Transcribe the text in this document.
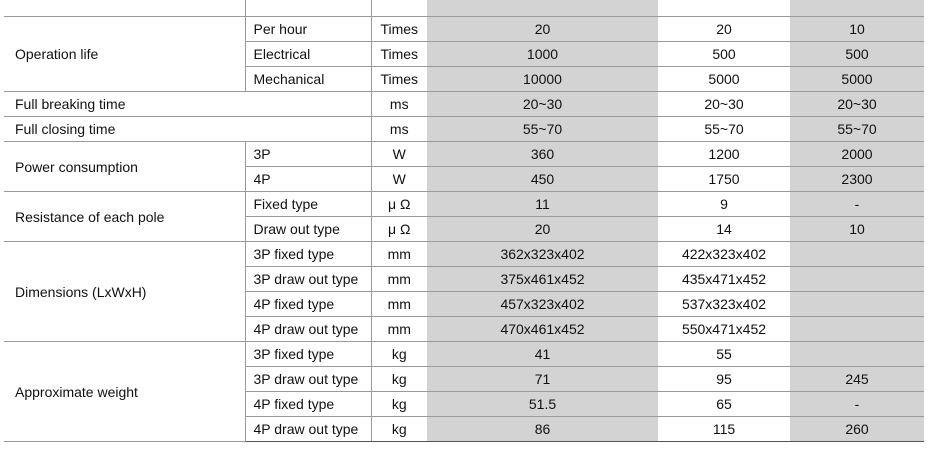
Operation life	Per hour	Times	20	20	10
	Electrical	Times	1000	500	500
	Mechanical	Times	10000	5000	5000
Full breaking time		ms	20~30	20~30	20~30
Full closing time		ms	55~70	55~70	55~70
Power consumption	3P	W	360	1200	2000
	4P	W	450	1750	2300
Resistance of each pole	Fixed type	μ Ω	11	9	-
	Draw out type	μ Ω	20	14	10
Dimensions (LxWxH)	3P fixed type	mm	362x323x402	422x323x402	
	3P draw out type	mm	375x461x452	435x471x452	
	4P fixed type	mm	457x323x402	537x323x402	
	4P draw out type	mm	470x461x452	550x471x452	
Approximate weight	3P fixed type	kg	41	55	
	3P draw out type	kg	71	95	245
	4P fixed type	kg	51.5	65	-
	4P draw out type	kg	86	115	260
